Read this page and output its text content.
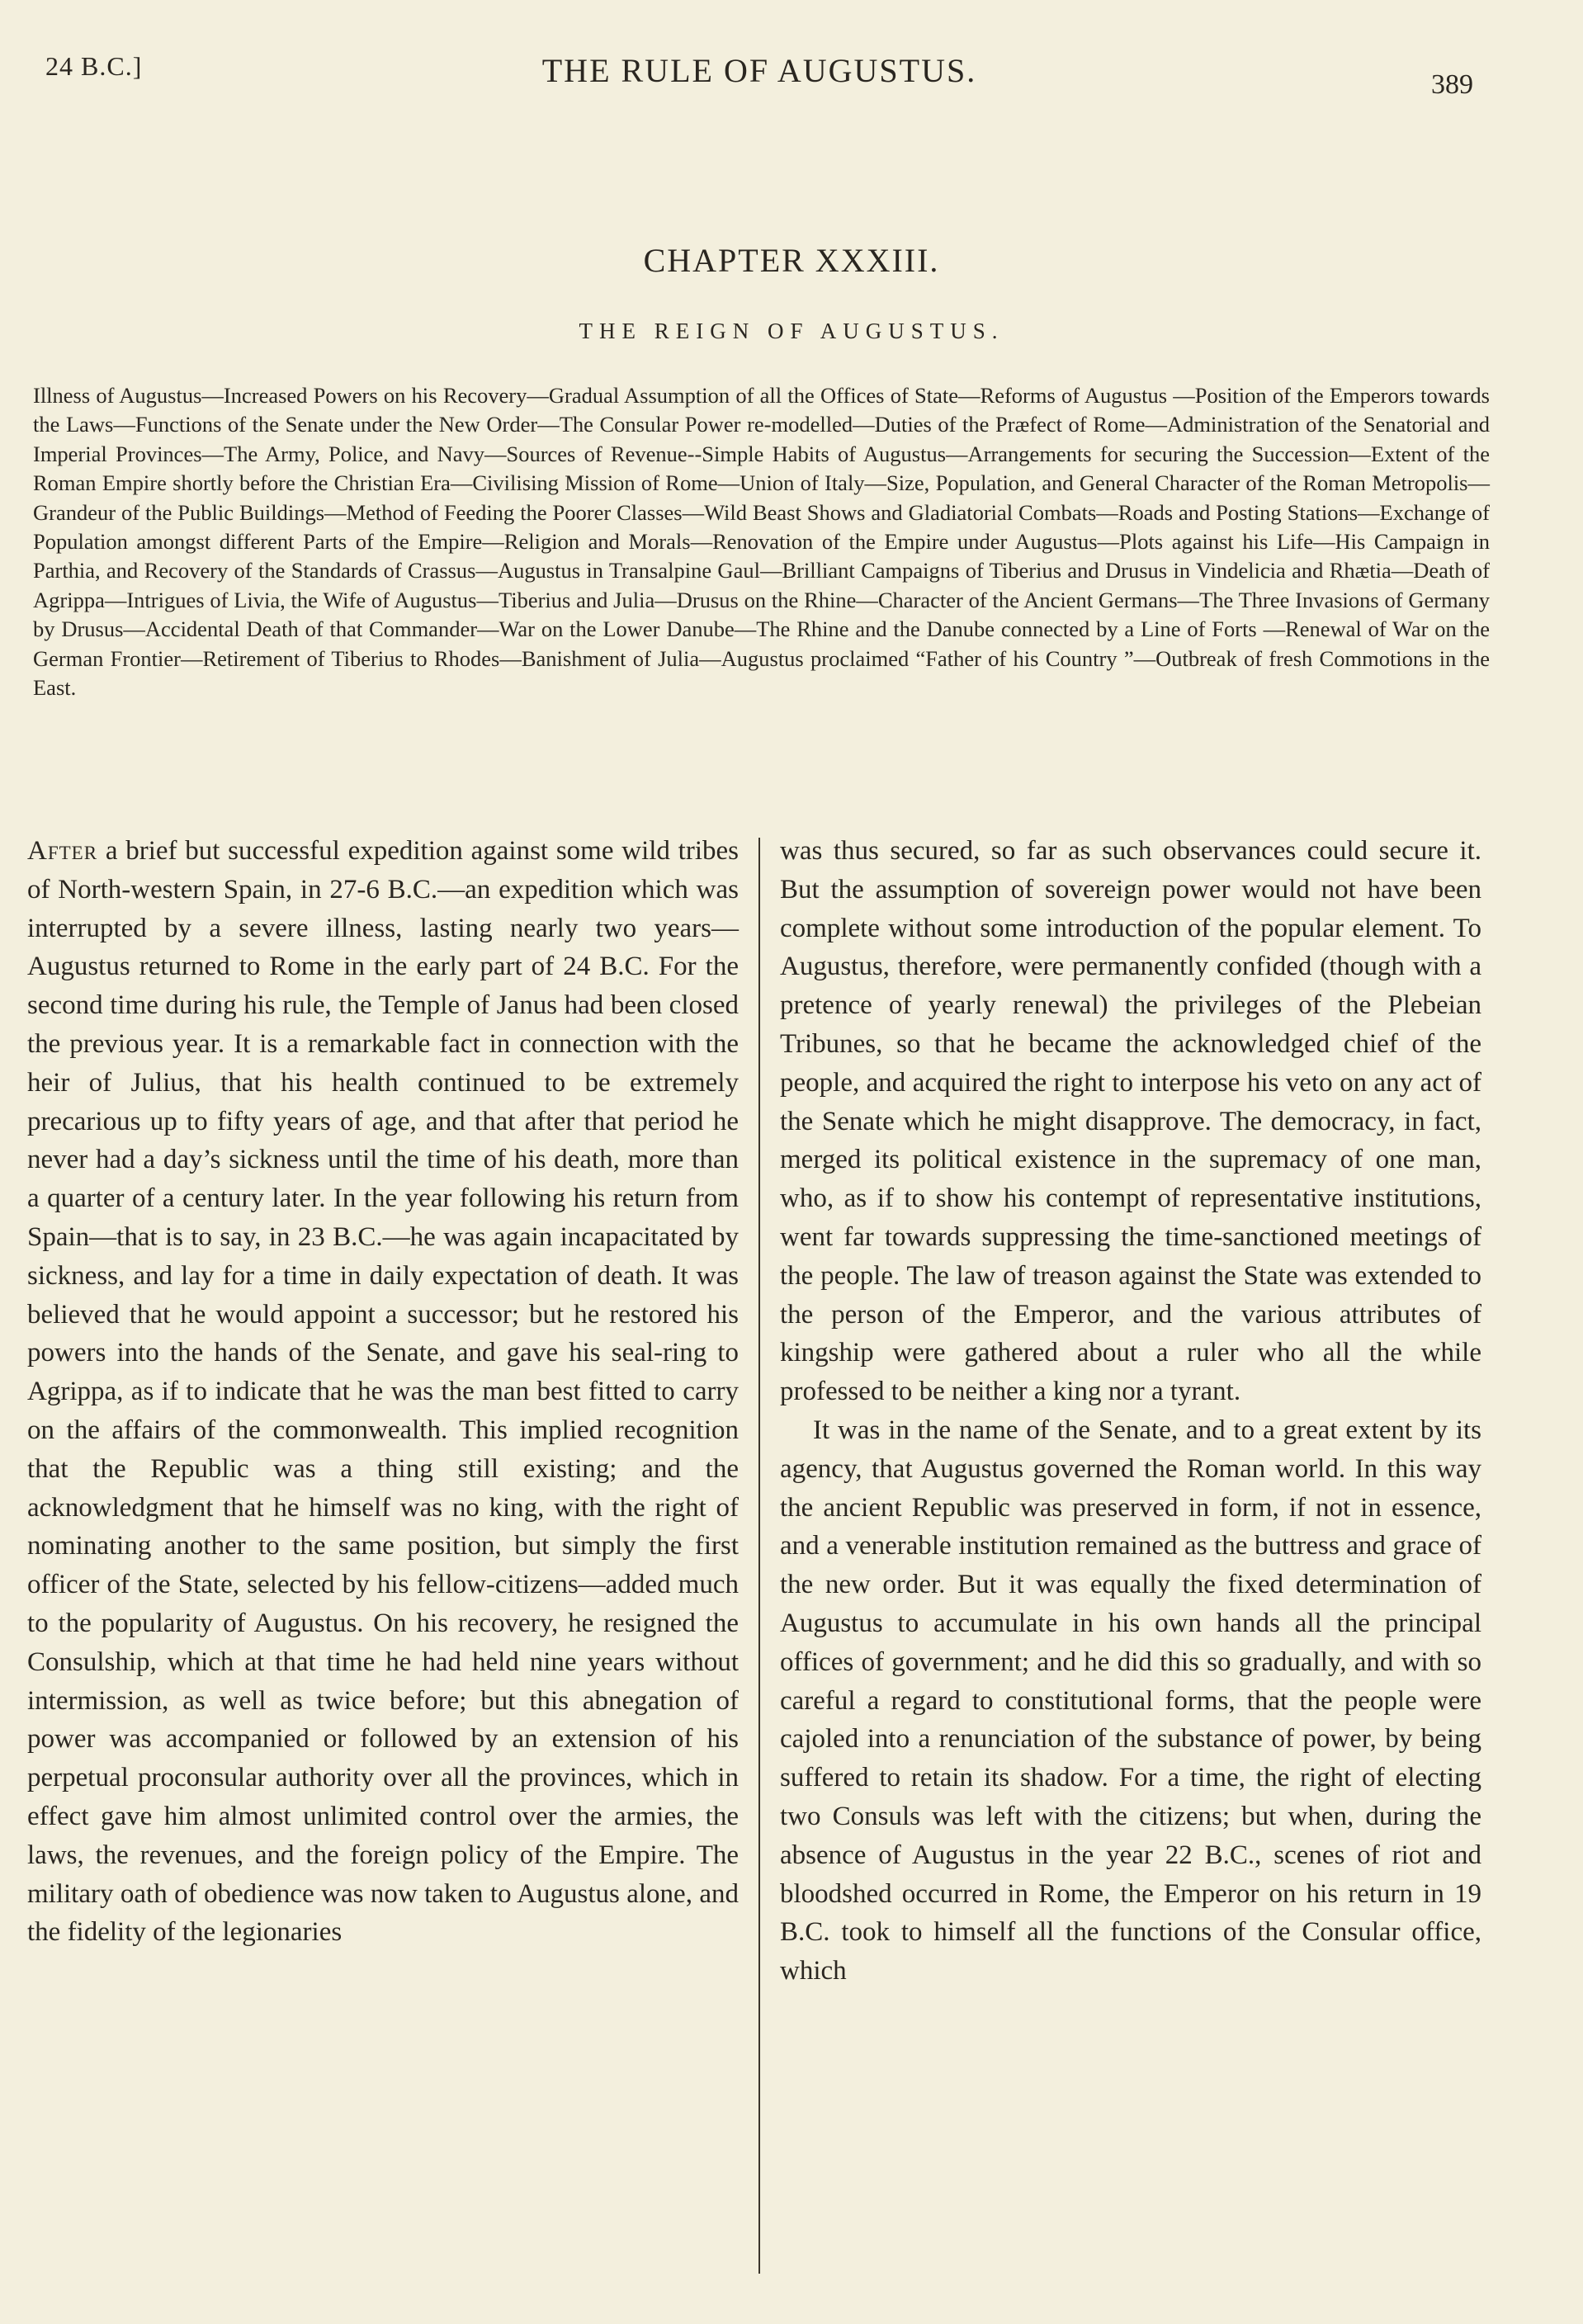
24 B.C.]	THE RULE OF AUGUSTUS.	389
CHAPTER XXXIII.
THE REIGN OF AUGUSTUS.

Illness of Augustus—Increased Powers on his Recovery—Gradual Assumption of all the Offices of State—Reforms of Augustus —Position of the Emperors towards the Laws—Functions of the Senate under the New Order—The Consular Power re-modelled—Duties of the Præfect of Rome—Administration of the Senatorial and Imperial Provinces—The Army, Police, and Navy—Sources of Revenue--Simple Habits of Augustus—Arrangements for securing the Succession—Extent of the Roman Empire shortly before the Christian Era—Civilising Mission of Rome—Union of Italy—Size, Population, and General Character of the Roman Metropolis—Grandeur of the Public Buildings—Method of Feeding the Poorer Classes—Wild Beast Shows and Gladiatorial Combats—Roads and Posting Stations—Exchange of Population amongst different Parts of the Empire—Religion and Morals—Renovation of the Empire under Augustus—Plots against his Life—His Campaign in Parthia, and Recovery of the Standards of Crassus—Augustus in Transalpine Gaul—Brilliant Campaigns of Tiberius and Drusus in Vindelicia and Rhætia—Death of Agrippa—Intrigues of Livia, the Wife of Augustus—Tiberius and Julia—Drusus on the Rhine—Character of the Ancient Germans—The Three Invasions of Germany by Drusus—Accidental Death of that Commander—War on the Lower Danube—The Rhine and the Danube connected by a Line of Forts —Renewal of War on the German Frontier—Retirement of Tiberius to Rhodes—Banishment of Julia—Augustus proclaimed “Father of his Country ”—Outbreak of fresh Commotions in the East.

After a brief but successful expedition against some wild tribes of North-western Spain, in 27-6 B.C.—an expedition which was interrupted by a severe illness, lasting nearly two years—Augustus returned to Rome in the early part of 24 B.C. For the second time during his rule, the Temple of Janus had been closed the previous year. It is a remarkable fact in connection with the heir of Julius, that his health continued to be extremely precarious up to fifty years of age, and that after that period he never had a day’s sickness until the time of his death, more than a quarter of a century later. In the year following his return from Spain—that is to say, in 23 B.C.—he was again incapacitated by sickness, and lay for a time in daily expectation of death. It was believed that he would appoint a successor; but he restored his powers into the hands of the Senate, and gave his seal-ring to Agrippa, as if to indicate that he was the man best fitted to carry on the affairs of the commonwealth. This implied recognition that the Republic was a thing still existing; and the acknowledgment that he himself was no king, with the right of nominating another to the same position, but simply the first officer of the State, selected by his fellow-citizens—added much to the popularity of Augustus. On his recovery, he resigned the Consulship, which at that time he had held nine years without intermission, as well as twice before; but this abnegation of power was accompanied or followed by an extension of his perpetual proconsular authority over all the provinces, which in effect gave him almost unlimited control over the armies, the laws, the revenues, and the foreign policy of the Empire. The military oath of obedience was now taken to Augustus alone, and the fidelity of the legionaries

was thus secured, so far as such observances could secure it. But the assumption of sovereign power would not have been complete without some introduction of the popular element. To Augustus, therefore, were permanently confided (though with a pretence of yearly renewal) the privileges of the Plebeian Tribunes, so that he became the acknowledged chief of the people, and acquired the right to interpose his veto on any act of the Senate which he might disapprove. The democracy, in fact, merged its political existence in the supremacy of one man, who, as if to show his contempt of representative institutions, went far towards suppressing the time-sanctioned meetings of the people. The law of treason against the State was extended to the person of the Emperor, and the various attributes of kingship were gathered about a ruler who all the while professed to be neither a king nor a tyrant.

It was in the name of the Senate, and to a great extent by its agency, that Augustus governed the Roman world. In this way the ancient Republic was preserved in form, if not in essence, and a venerable institution remained as the buttress and grace of the new order. But it was equally the fixed determination of Augustus to accumulate in his own hands all the principal offices of government; and he did this so gradually, and with so careful a regard to constitutional forms, that the people were cajoled into a renunciation of the substance of power, by being suffered to retain its shadow. For a time, the right of electing two Consuls was left with the citizens; but when, during the absence of Augustus in the year 22 B.C., scenes of riot and bloodshed occurred in Rome, the Emperor on his return in 19 B.C. took to himself all the functions of the Consular office, which
